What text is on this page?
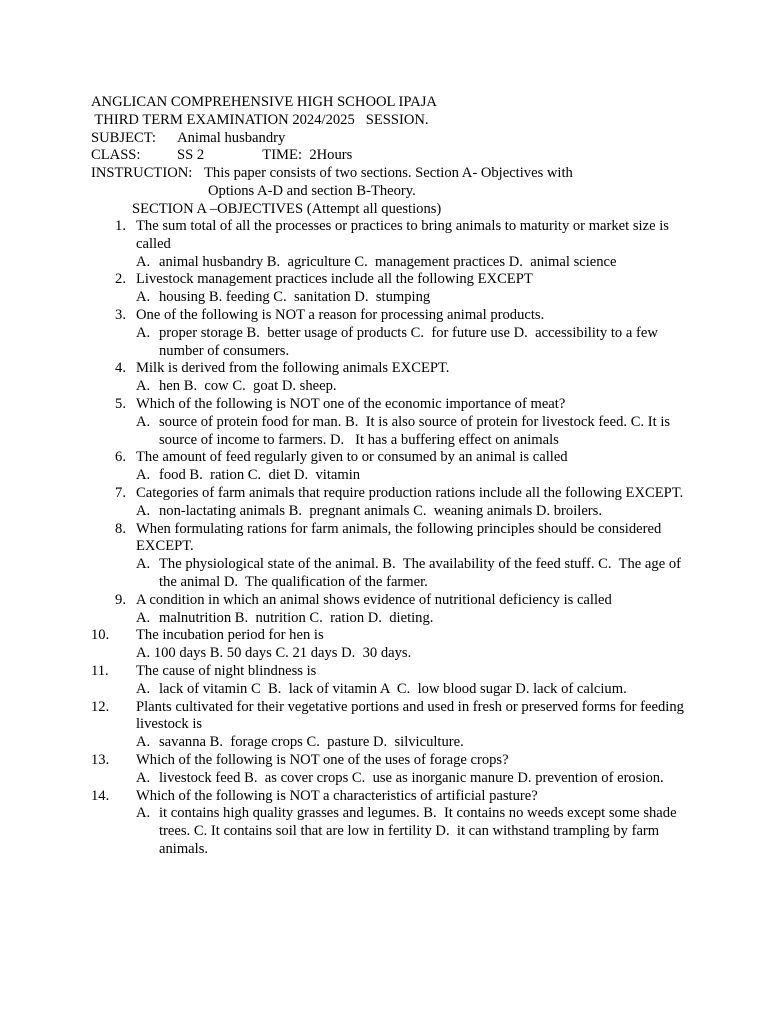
ANGLICAN COMPREHENSIVE HIGH SCHOOL IPAJA
THIRD TERM EXAMINATION 2024/2025   SESSION.
SUBJECT: Animal husbandry
CLASS: SS 2	TIME: 2Hours
INSTRUCTION: This paper consists of two sections. Section A- Objectives with
Options A-D and section B-Theory.
SECTION A –OBJECTIVES (Attempt all questions)
1. The sum total of all the processes or practices to bring animals to maturity or market size is called
A. animal husbandry B.  agriculture C.  management practices D.  animal science
2. Livestock management practices include all the following EXCEPT
A. housing B. feeding C.  sanitation D.  stumping
3. One of the following is NOT a reason for processing animal products.
A. proper storage B.  better usage of products C.  for future use D.  accessibility to a few number of consumers.
4. Milk is derived from the following animals EXCEPT.
A. hen B.  cow C.  goat D. sheep.
5. Which of the following is NOT one of the economic importance of meat?
A. source of protein food for man. B.  It is also source of protein for livestock feed. C. It is source of income to farmers. D.   It has a buffering effect on animals
6. The amount of feed regularly given to or consumed by an animal is called
A. food B.  ration C.  diet D.  vitamin
7. Categories of farm animals that require production rations include all the following EXCEPT.
A. non-lactating animals B.  pregnant animals C.  weaning animals D. broilers.
8. When formulating rations for farm animals, the following principles should be considered EXCEPT.
A. The physiological state of the animal. B.  The availability of the feed stuff. C.  The age of the animal D.  The qualification of the farmer.
9. A condition in which an animal shows evidence of nutritional deficiency is called
A. malnutrition B.  nutrition C.  ration D.  dieting.
10.	The incubation period for hen is
A. 100 days B. 50 days C. 21 days D.  30 days.
11.	The cause of night blindness is
A. lack of vitamin C  B.  lack of vitamin A  C.  low blood sugar D. lack of calcium.
12.	Plants cultivated for their vegetative portions and used in fresh or preserved forms for feeding livestock is
A. savanna B.  forage crops C.  pasture D.  silviculture.
13.	Which of the following is NOT one of the uses of forage crops?
A. livestock feed B.  as cover crops C.  use as inorganic manure D. prevention of erosion.
14.	Which of the following is NOT a characteristics of artificial pasture?
A. it contains high quality grasses and legumes. B.  It contains no weeds except some shade trees. C. It contains soil that are low in fertility D.  it can withstand trampling by farm animals.
